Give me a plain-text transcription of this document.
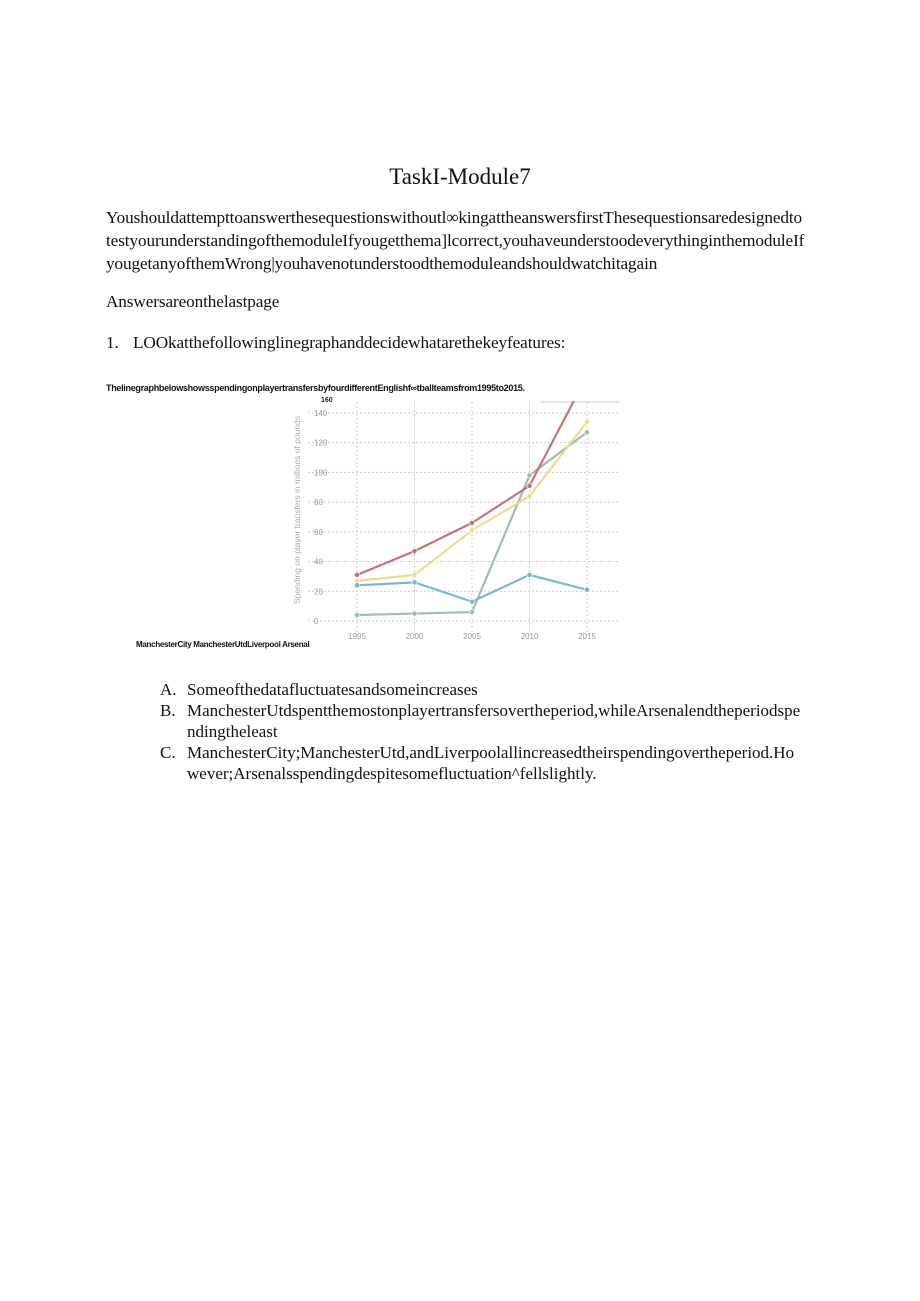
TaskI-Module7
Youshouldattempttoanswerthesequestionswithoutl∞kingattheanswersfirstThesequestionsaredesignedto
testyourunderstandingofthemoduleIfyougetthema]lcorrect,youhaveunderstoodeverythinginthemoduleIf
yougetanyofthemWrong|youhavenotunderstoodthemoduleandshouldwatchitagain
Answersareonthelastpage
1. LOOkatthefollowinglinegraphanddecidewhatarethekeyfeatures:
ThelinegraphbelowshowsspendingonplayertransfersbyfourdifferentEnglishf∞tballteamsfrom1995to2015.
0
20
40
60
80
100
120
140
160
1995	2000	2005	2010	2015
Spending on player transfers in millions of pounds
ManchesterCity ManchesterUtdLiverpool Arsenal
A. Someofthedatafluctuatesandsomeincreases
B. ManchesterUtdspentthemostonplayertransfersovertheperiod,whileArsenalendtheperiodspe
ndingtheleast
C. ManchesterCity;ManchesterUtd,andLiverpoolallincreasedtheirspendingovertheperiod.Ho
wever;Arsenalsspendingdespitesomefluctuation^fellslightly.
